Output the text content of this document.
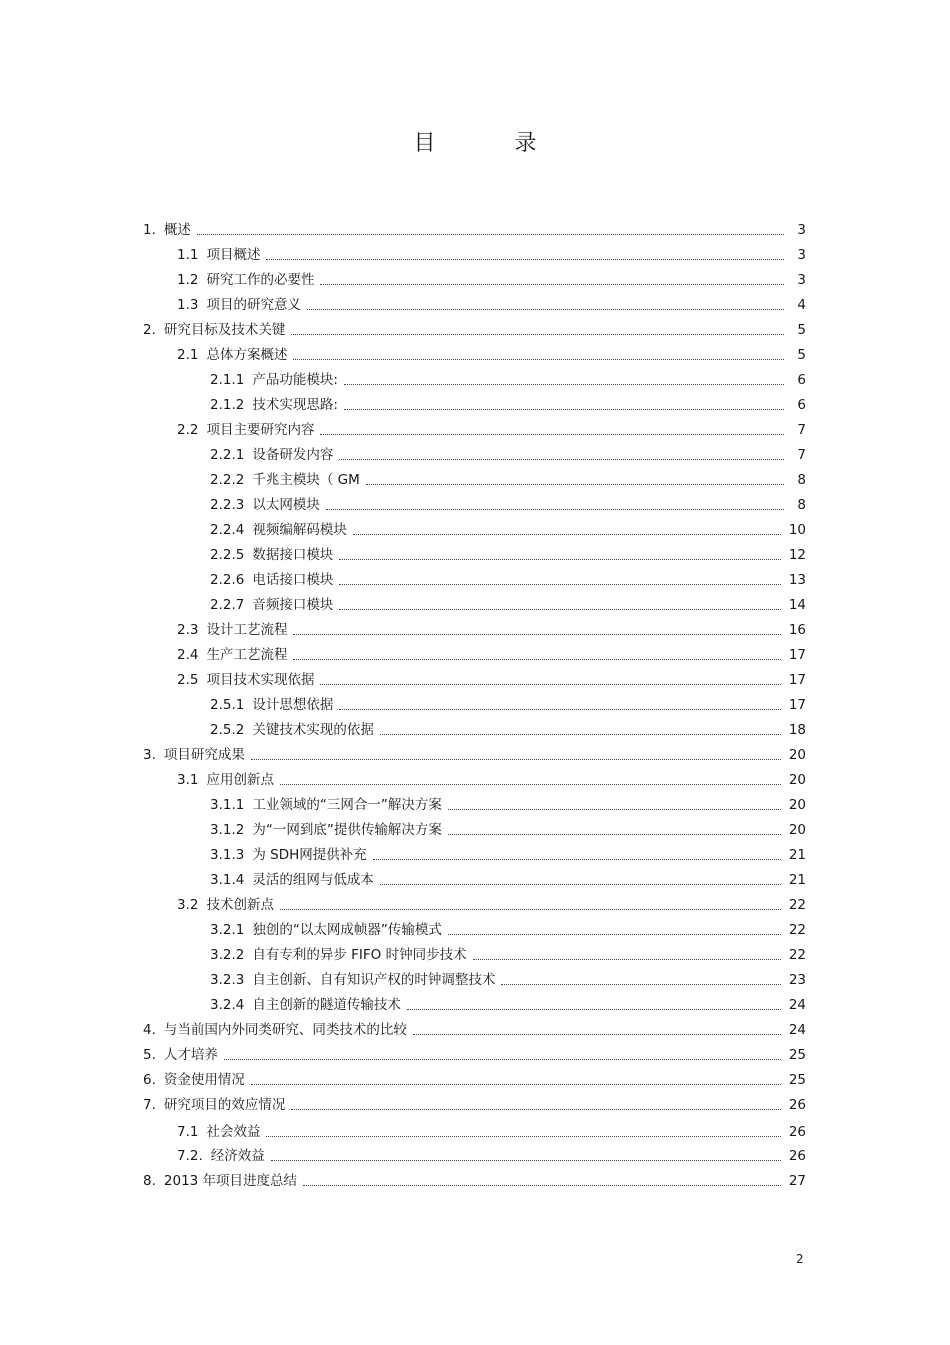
目 录
1. 概述	3
1.1 项目概述	3
1.2 研究工作的必要性	3
1.3 项目的研究意义	4
2. 研究目标及技术关键	5
2.1 总体方案概述	5
2.1.1 产品功能模块:	6
2.1.2 技术实现思路:	6
2.2 项目主要研究内容	7
2.2.1 设备研发内容	7
2.2.2 千兆主模块（ GM	8
2.2.3 以太网模块	8
2.2.4 视频编解码模块	10
2.2.5 数据接口模块	12
2.2.6 电话接口模块	13
2.2.7 音频接口模块	14
2.3 设计工艺流程	16
2.4 生产工艺流程	17
2.5 项目技术实现依据	17
2.5.1 设计思想依据	17
2.5.2 关键技术实现的依据	18
3. 项目研究成果	20
3.1 应用创新点	20
3.1.1 工业领域的“三网合一”解决方案	20
3.1.2 为“一网到底”提供传输解决方案	20
3.1.3 为 SDH网提供补充	21
3.1.4 灵活的组网与低成本	21
3.2 技术创新点	22
3.2.1 独创的“以太网成帧器”传输模式	22
3.2.2 自有专利的异步 FIFO 时钟同步技术	22
3.2.3 自主创新、自有知识产权的时钟调整技术	23
3.2.4 自主创新的隧道传输技术	24
4. 与当前国内外同类研究、同类技术的比较	24
5. 人才培养	25
6. 资金使用情况	25
7. 研究项目的效应情况	26
7.1 社会效益	26
7.2. 经济效益	26
8. 2013 年项目进度总结	27
2
